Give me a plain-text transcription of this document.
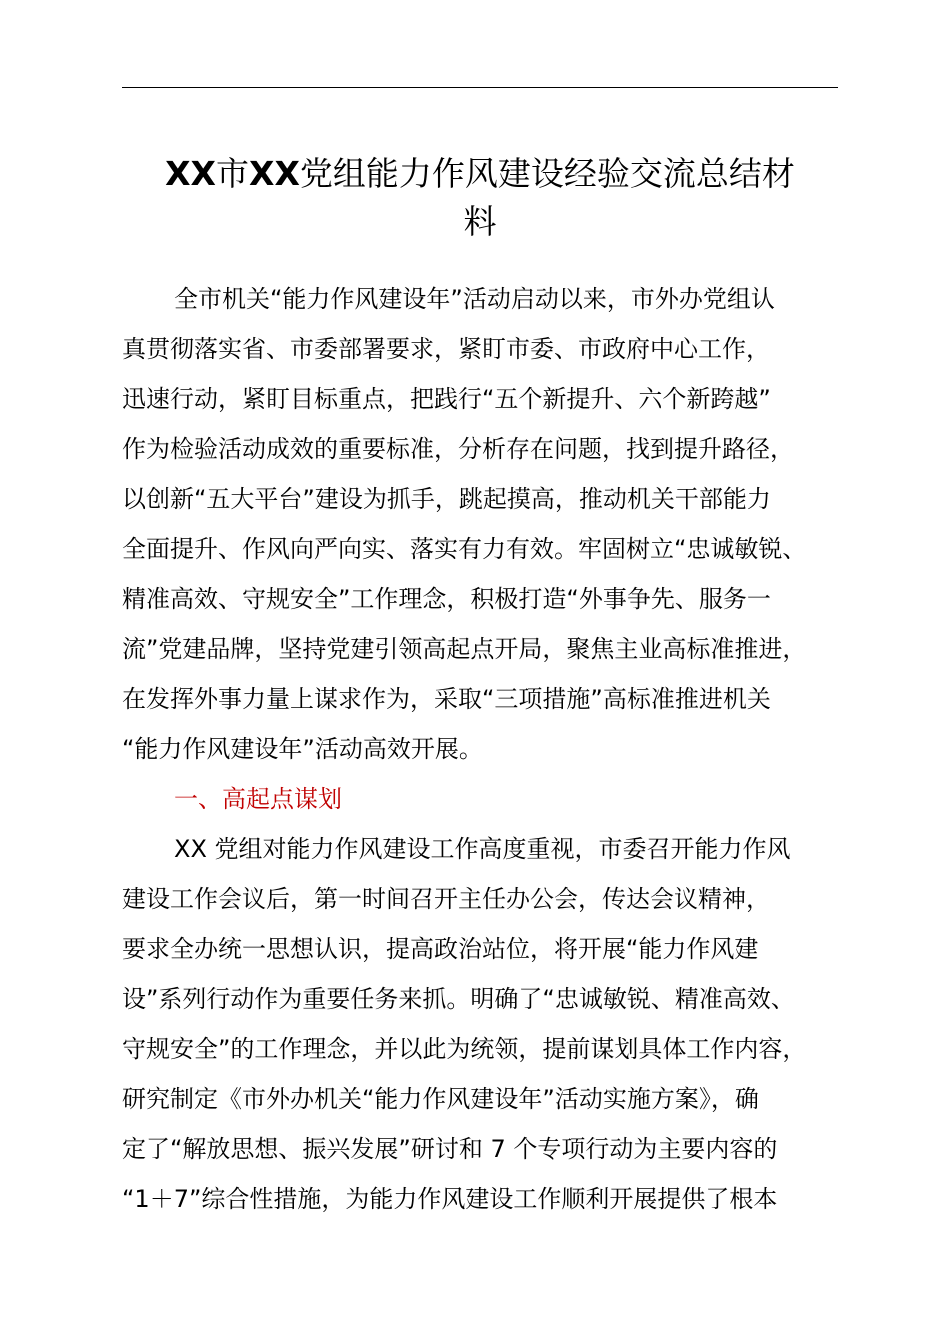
XX市XX党组能力作风建设经验交流总结材
料
全市机关“能力作风建设年”活动启动以来，市外办党组认
真贯彻落实省、市委部署要求，紧盯市委、市政府中心工作，
迅速行动，紧盯目标重点，把践行“五个新提升、六个新跨越”
作为检验活动成效的重要标准，分析存在问题，找到提升路径，
以创新“五大平台”建设为抓手，跳起摸高，推动机关干部能力
全面提升、作风向严向实、落实有力有效。牢固树立“忠诚敏锐、
精准高效、守规安全”工作理念，积极打造“外事争先、服务一
流”党建品牌，坚持党建引领高起点开局，聚焦主业高标准推进，
在发挥外事力量上谋求作为，采取“三项措施”高标准推进机关
“能力作风建设年”活动高效开展。
一、高起点谋划
XX 党组对能力作风建设工作高度重视，市委召开能力作风
建设工作会议后，第一时间召开主任办公会，传达会议精神，
要求全办统一思想认识，提高政治站位，将开展“能力作风建
设”系列行动作为重要任务来抓。明确了“忠诚敏锐、精准高效、
守规安全”的工作理念，并以此为统领，提前谋划具体工作内容，
研究制定《市外办机关“能力作风建设年”活动实施方案》，确
定了“解放思想、振兴发展”研讨和 7 个专项行动为主要内容的
“1＋7”综合性措施，为能力作风建设工作顺利开展提供了根本
